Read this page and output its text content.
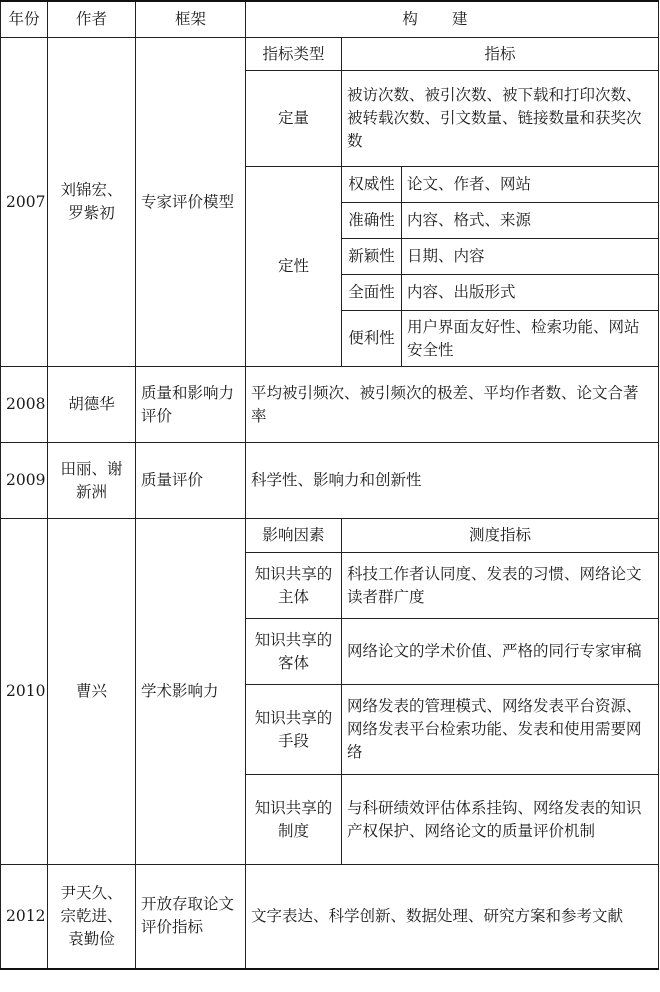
年份	作者	框架	构建		
2007	刘锦宏、罗紫初	专家评价模型	指标类型	指标	
			定量	被访次数、被引次数、被下载和打印次数、被转载次数、引文数量、链接数量和获奖次数	
			定性	权威性	论文、作者、网站
				准确性	内容、格式、来源
				新颖性	日期、内容
				全面性	内容、出版形式
				便利性	用户界面友好性、检索功能、网站安全性

2008	胡德华	质量和影响力评价	平均被引频次、被引频次的极差、平均作者数、论文合著率		
2009	田丽、谢新洲	质量评价	科学性、影响力和创新性		
2010	曹兴	学术影响力	影响因素	测度指标	
			知识共享的主体	科技工作者认同度、发表的习惯、网络论文读者群广度	
			知识共享的客体	网络论文的学术价值、严格的同行专家审稿	
			知识共享的手段	网络发表的管理模式、网络发表平台资源、网络发表平台检索功能、发表和使用需要网络	
			知识共享的制度	与科研绩效评估体系挂钩、网络发表的知识产权保护、网络论文的质量评价机制	
2012	尹天久、宗乾进、袁勤俭	开放存取论文评价指标	文字表达、科学创新、数据处理、研究方案和参考文献		
